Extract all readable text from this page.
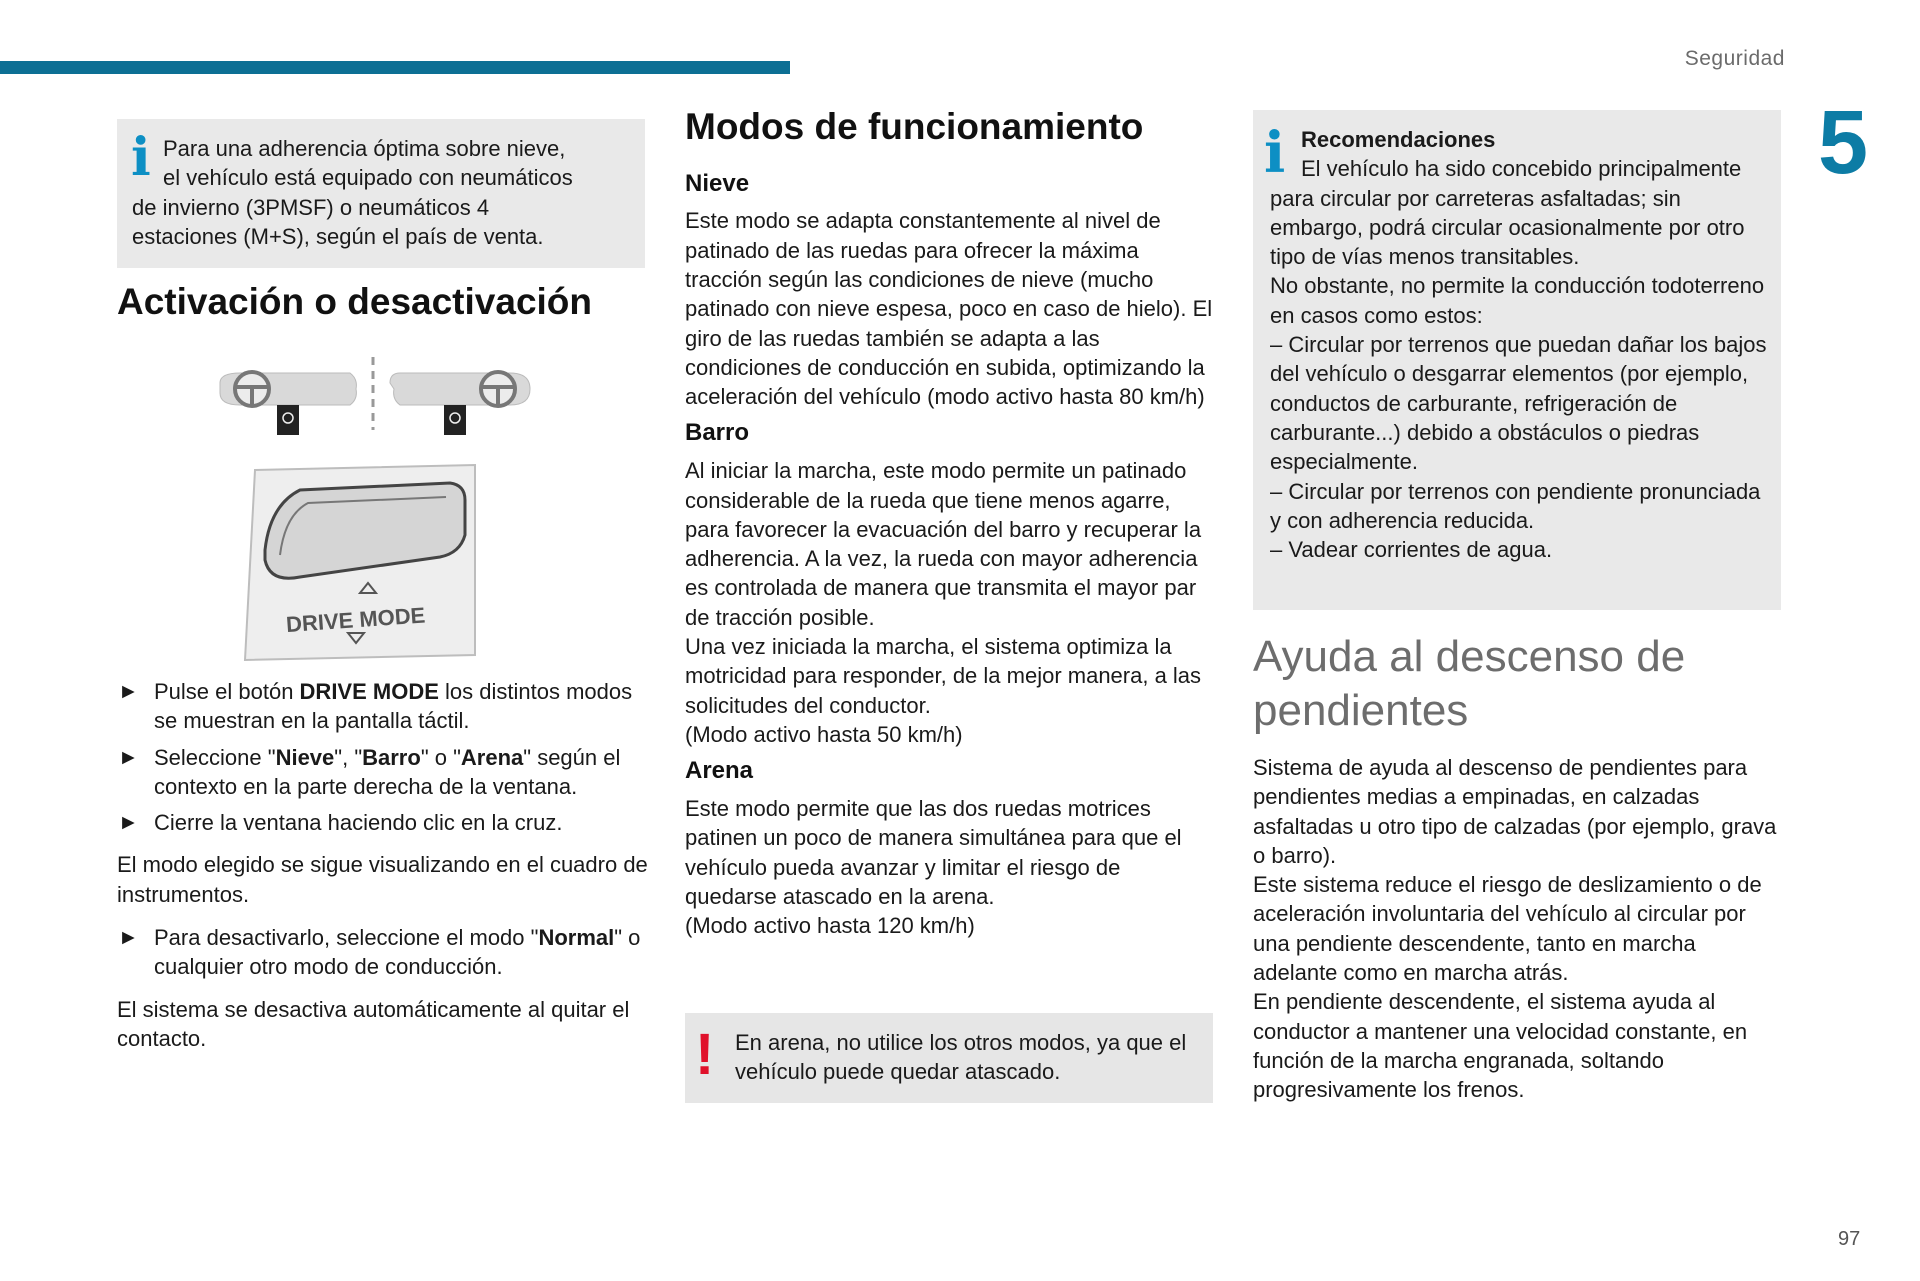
Seguridad
5
97
i Para una adherencia óptima sobre nieve,
el vehículo está equipado con neumáticos
de invierno (3PMSF) o neumáticos 4
estaciones (M+S), según el país de venta.
Activación o desactivación
DRIVE MODE
► Pulse el botón DRIVE MODE los distintos modos se muestran en la pantalla táctil.
► Seleccione "Nieve", "Barro" o "Arena" según el contexto en la parte derecha de la ventana.
► Cierre la ventana haciendo clic en la cruz.

El modo elegido se sigue visualizando en el cuadro de instrumentos.

► Para desactivarlo, seleccione el modo "Normal" o cualquier otro modo de conducción.

El sistema se desactiva automáticamente al quitar el contacto.

Modos de funcionamiento
Nieve

Este modo se adapta constantemente al nivel de patinado de las ruedas para ofrecer la máxima tracción según las condiciones de nieve (mucho patinado con nieve espesa, poco en caso de hielo). El giro de las ruedas también se adapta a las condiciones de conducción en subida, optimizando la aceleración del vehículo (modo activo hasta 80 km/h)

Barro

Al iniciar la marcha, este modo permite un patinado considerable de la rueda que tiene menos agarre, para favorecer la evacuación del barro y recuperar la adherencia. A la vez, la rueda con mayor adherencia es controlada de manera que transmita el mayor par de tracción posible.

Una vez iniciada la marcha, el sistema optimiza la motricidad para responder, de la mejor manera, a las solicitudes del conductor.

(Modo activo hasta 50 km/h)

Arena

Este modo permite que las dos ruedas motrices patinen un poco de manera simultánea para que el vehículo pueda avanzar y limitar el riesgo de quedarse atascado en la arena.

(Modo activo hasta 120 km/h)

! En arena, no utilice los otros modos, ya que el vehículo puede quedar atascado.

i Recomendaciones
El vehículo ha sido concebido principalmente para circular por carreteras asfaltadas; sin embargo, podrá circular ocasionalmente por otro tipo de vías menos transitables.
No obstante, no permite la conducción todoterreno en casos como estos:
– Circular por terrenos que puedan dañar los bajos del vehículo o desgarrar elementos (por ejemplo, conductos de carburante, refrigeración de carburante...) debido a obstáculos o piedras especialmente.
– Circular por terrenos con pendiente pronunciada y con adherencia reducida.
– Vadear corrientes de agua.
Ayuda al descenso de pendientes

Sistema de ayuda al descenso de pendientes para pendientes medias a empinadas, en calzadas asfaltadas u otro tipo de calzadas (por ejemplo, grava o barro).

Este sistema reduce el riesgo de deslizamiento o de aceleración involuntaria del vehículo al circular por una pendiente descendente, tanto en marcha adelante como en marcha atrás.

En pendiente descendente, el sistema ayuda al conductor a mantener una velocidad constante, en función de la marcha engranada, soltando progresivamente los frenos.
